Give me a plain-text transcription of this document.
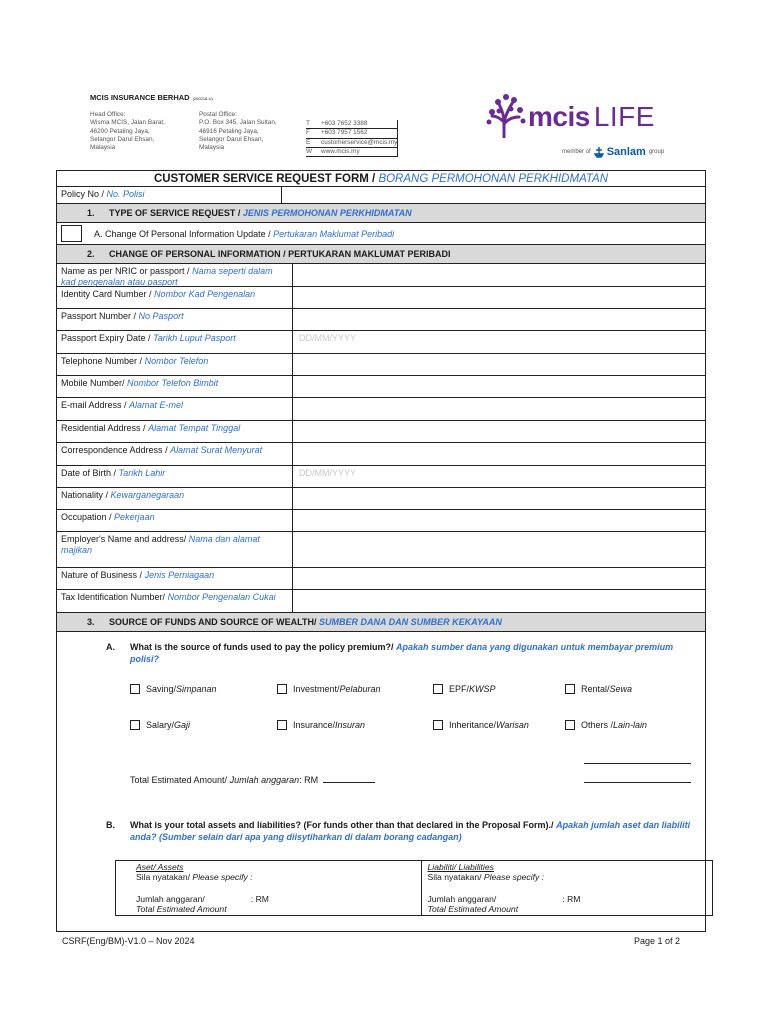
MCIS INSURANCE BERHAD (200216-U)
Head Office:
Wisma MCIS, Jalan Barat,
46200 Petaling Jaya,
Selangor Darul Ehsan,
Malaysia
Postal Office:
P.O. Box 345, Jalan Sultan,
46916 Petaling Jaya,
Selangor Darul Ehsan,
Malaysia
T	+603 7652 3388
F	+603 7957 1562
E	customerservice@mcis.my
W	www.mcis.my
mcis LIFE
member of Sanlam group
CUSTOMER SERVICE REQUEST FORM / BORANG PERMOHONAN PERKHIDMATAN
Policy No / No. Polisi
1. TYPE OF SERVICE REQUEST / JENIS PERMOHONAN PERKHIDMATAN
A. Change Of Personal Information Update / Pertukaran Maklumat Peribadi
2. CHANGE OF PERSONAL INFORMATION / PERTUKARAN MAKLUMAT PERIBADI
Name as per NRIC or passport / Nama seperti dalam kad pengenalan atau pasport
Identity Card Number / Nombor Kad Pengenalan
Passport Number / No Pasport
Passport Expiry Date / Tarikh Luput Pasport	DD/MM/YYYY
Telephone Number / Nombor Telefon
Mobile Number/ Nombor Telefon Bimbit
E-mail Address / Alamat E-mel
Residential Address / Alamat Tempat Tinggal
Correspondence Address / Alamat Surat Menyurat
Date of Birth / Tarikh Lahir	DD/MM/YYYY
Nationality / Kewarganegaraan
Occupation / Pekerjaan
Employer's Name and address/ Nama dan alamat majikan
Nature of Business / Jenis Perniagaan
Tax Identification Number/ Nombor Pengenalan Cukai
3. SOURCE OF FUNDS AND SOURCE OF WEALTH/ SUMBER DANA DAN SUMBER KEKAYAAN
A. What is the source of funds used to pay the policy premium?/ Apakah sumber dana yang digunakan untuk membayar premium polisi?
Saving/ Simpanan	Investment/ Pelaburan	EPF/ KWSP	Rental/ Sewa
Salary/ Gaji	Insurance/ Insuran	Inheritance/ Warisan	Others / Lain-lain
Total Estimated Amount/ Jumlah anggaran: RM
B. What is your total assets and liabilities? (For funds other than that declared in the Proposal Form)./ Apakah jumlah aset dan liabiliti anda? (Sumber selain dari apa yang diisytiharkan di dalam borang cadangan)
Aset/ Assets
Sila nyatakan/ Please specify :
Jumlah anggaran/	: RM
Total Estimated Amount
Liabiliti/ Liabilities
Sila nyatakan/ Please specify :
Jumlah anggaran/	: RM
Total Estimated Amount
CSRF(Eng/BM)-V1.0 – Nov 2024	Page 1 of 2
